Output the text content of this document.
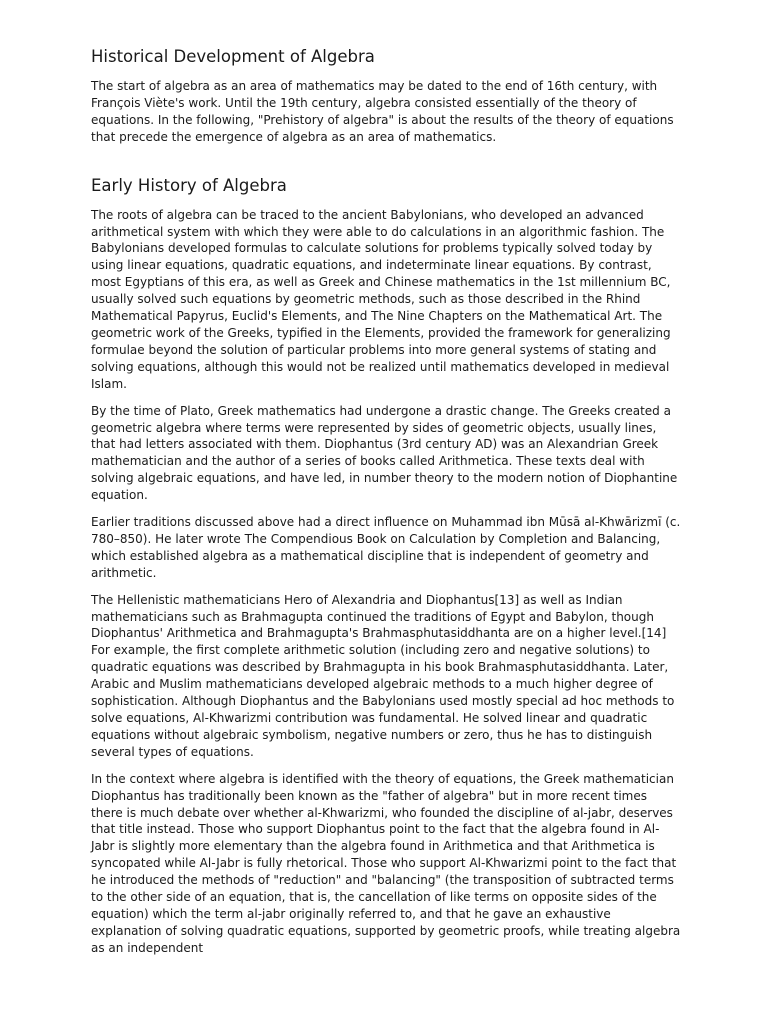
Historical Development of Algebra

The start of algebra as an area of mathematics may be dated to the end of 16th century, with François Viète's work. Until the 19th century, algebra consisted essentially of the theory of equations. In the following, "Prehistory of algebra" is about the results of the theory of equations that precede the emergence of algebra as an area of mathematics.

Early History of Algebra

The roots of algebra can be traced to the ancient Babylonians, who developed an advanced arithmetical system with which they were able to do calculations in an algorithmic fashion. The Babylonians developed formulas to calculate solutions for problems typically solved today by using linear equations, quadratic equations, and indeterminate linear equations. By contrast, most Egyptians of this era, as well as Greek and Chinese mathematics in the 1st millennium BC, usually solved such equations by geometric methods, such as those described in the Rhind Mathematical Papyrus, Euclid's Elements, and The Nine Chapters on the Mathematical Art. The geometric work of the Greeks, typified in the Elements, provided the framework for generalizing formulae beyond the solution of particular problems into more general systems of stating and solving equations, although this would not be realized until mathematics developed in medieval Islam.

By the time of Plato, Greek mathematics had undergone a drastic change. The Greeks created a geometric algebra where terms were represented by sides of geometric objects, usually lines, that had letters associated with them. Diophantus (3rd century AD) was an Alexandrian Greek mathematician and the author of a series of books called Arithmetica. These texts deal with solving algebraic equations, and have led, in number theory to the modern notion of Diophantine equation.

Earlier traditions discussed above had a direct influence on Muhammad ibn Mūsā al-Khwārizmī (c. 780–850). He later wrote The Compendious Book on Calculation by Completion and Balancing, which established algebra as a mathematical discipline that is independent of geometry and arithmetic.

The Hellenistic mathematicians Hero of Alexandria and Diophantus[13] as well as Indian mathematicians such as Brahmagupta continued the traditions of Egypt and Babylon, though Diophantus' Arithmetica and Brahmagupta's Brahmasphutasiddhanta are on a higher level.[14] For example, the first complete arithmetic solution (including zero and negative solutions) to quadratic equations was described by Brahmagupta in his book Brahmasphutasiddhanta. Later, Arabic and Muslim mathematicians developed algebraic methods to a much higher degree of sophistication. Although Diophantus and the Babylonians used mostly special ad hoc methods to solve equations, Al-Khwarizmi contribution was fundamental. He solved linear and quadratic equations without algebraic symbolism, negative numbers or zero, thus he has to distinguish several types of equations.

In the context where algebra is identified with the theory of equations, the Greek mathematician Diophantus has traditionally been known as the "father of algebra" but in more recent times there is much debate over whether al-Khwarizmi, who founded the discipline of al-jabr, deserves that title instead. Those who support Diophantus point to the fact that the algebra found in Al-Jabr is slightly more elementary than the algebra found in Arithmetica and that Arithmetica is syncopated while Al-Jabr is fully rhetorical. Those who support Al-Khwarizmi point to the fact that he introduced the methods of "reduction" and "balancing" (the transposition of subtracted terms to the other side of an equation, that is, the cancellation of like terms on opposite sides of the equation) which the term al-jabr originally referred to, and that he gave an exhaustive explanation of solving quadratic equations, supported by geometric proofs, while treating algebra as an independent
